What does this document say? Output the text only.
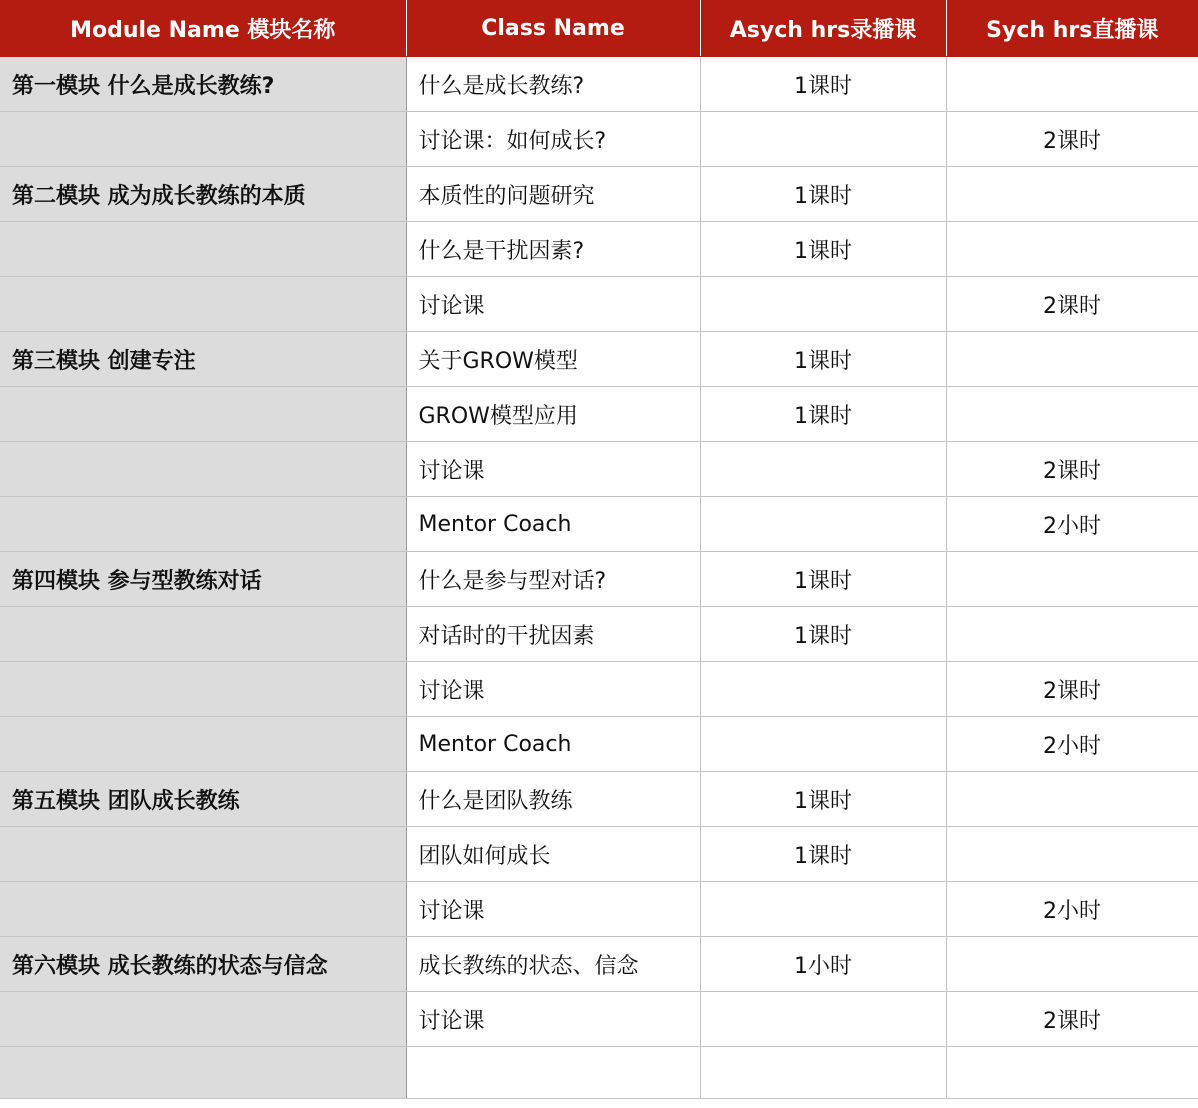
Module Name 模块名称	Class Name	Asych hrs录播课	Sych hrs直播课
第一模块 什么是成长教练?	什么是成长教练?	1课时	
	讨论课：如何成长?		2课时
第二模块 成为成长教练的本质	本质性的问题研究	1课时	
	什么是干扰因素?	1课时	
	讨论课		2课时
第三模块 创建专注	关于GROW模型	1课时	
	GROW模型应用	1课时	
	讨论课		2课时
	Mentor Coach		2小时
第四模块 参与型教练对话	什么是参与型对话?	1课时	
	对话时的干扰因素	1课时	
	讨论课		2课时
	Mentor Coach		2小时
第五模块 团队成长教练	什么是团队教练	1课时	
	团队如何成长	1课时	
	讨论课		2小时
第六模块 成长教练的状态与信念	成长教练的状态、信念	1小时	
	讨论课		2课时
